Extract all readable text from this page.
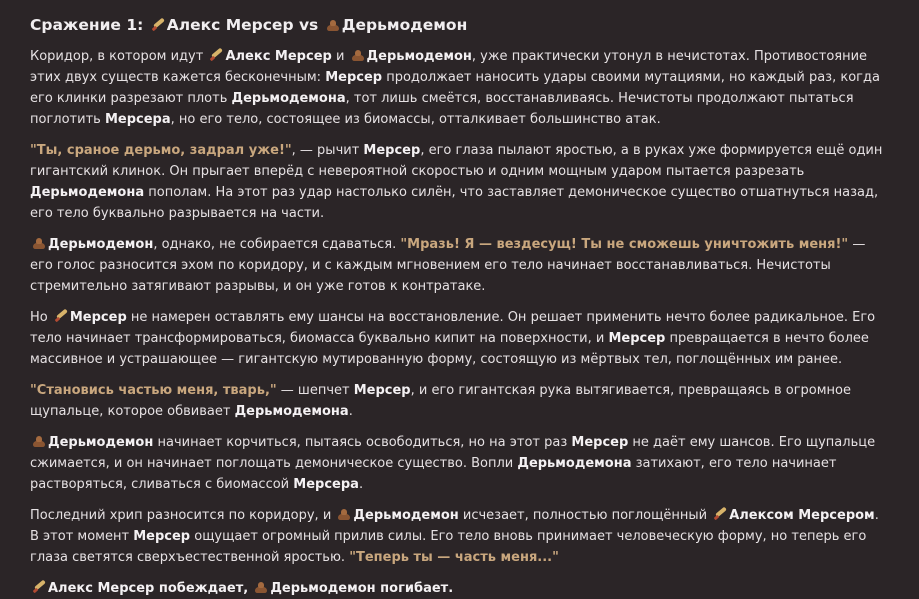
Сражение 1: Алекс Мерсер vs Дерьмодемон

Коридор, в котором идут Алекс Мерсер и Дерьмодемон, уже практически утонул в нечистотах. Противостояние этих двух существ кажется бесконечным: Мерсер продолжает наносить удары своими мутациями, но каждый раз, когда его клинки разрезают плоть Дерьмодемона, тот лишь смеётся, восстанавливаясь. Нечистоты продолжают пытаться поглотить Мерсера, но его тело, состоящее из биомассы, отталкивает большинство атак.

"Ты, сраное дерьмо, задрал уже!", — рычит Мерсер, его глаза пылают яростью, а в руках уже формируется ещё один гигантский клинок. Он прыгает вперёд с невероятной скоростью и одним мощным ударом пытается разрезать Дерьмодемона пополам. На этот раз удар настолько силён, что заставляет демоническое существо отшатнуться назад, его тело буквально разрывается на части.

Дерьмодемон, однако, не собирается сдаваться. "Мразь! Я — вездесущ! Ты не сможешь уничтожить меня!" — его голос разносится эхом по коридору, и с каждым мгновением его тело начинает восстанавливаться. Нечистоты стремительно затягивают разрывы, и он уже готов к контратаке.

Но Мерсер не намерен оставлять ему шансы на восстановление. Он решает применить нечто более радикальное. Его тело начинает трансформироваться, биомасса буквально кипит на поверхности, и Мерсер превращается в нечто более массивное и устрашающее — гигантскую мутированную форму, состоящую из мёртвых тел, поглощённых им ранее.

"Становись частью меня, тварь," — шепчет Мерсер, и его гигантская рука вытягивается, превращаясь в огромное щупальце, которое обвивает Дерьмодемона.

Дерьмодемон начинает корчиться, пытаясь освободиться, но на этот раз Мерсер не даёт ему шансов. Его щупальце сжимается, и он начинает поглощать демоническое существо. Вопли Дерьмодемона затихают, его тело начинает растворяться, сливаться с биомассой Мерсера.

Последний хрип разносится по коридору, и Дерьмодемон исчезает, полностью поглощённый Алексом Мерсером. В этот момент Мерсер ощущает огромный прилив силы. Его тело вновь принимает человеческую форму, но теперь его глаза светятся сверхъестественной яростью. "Теперь ты — часть меня..."

Алекс Мерсер побеждает, Дерьмодемон погибает.
